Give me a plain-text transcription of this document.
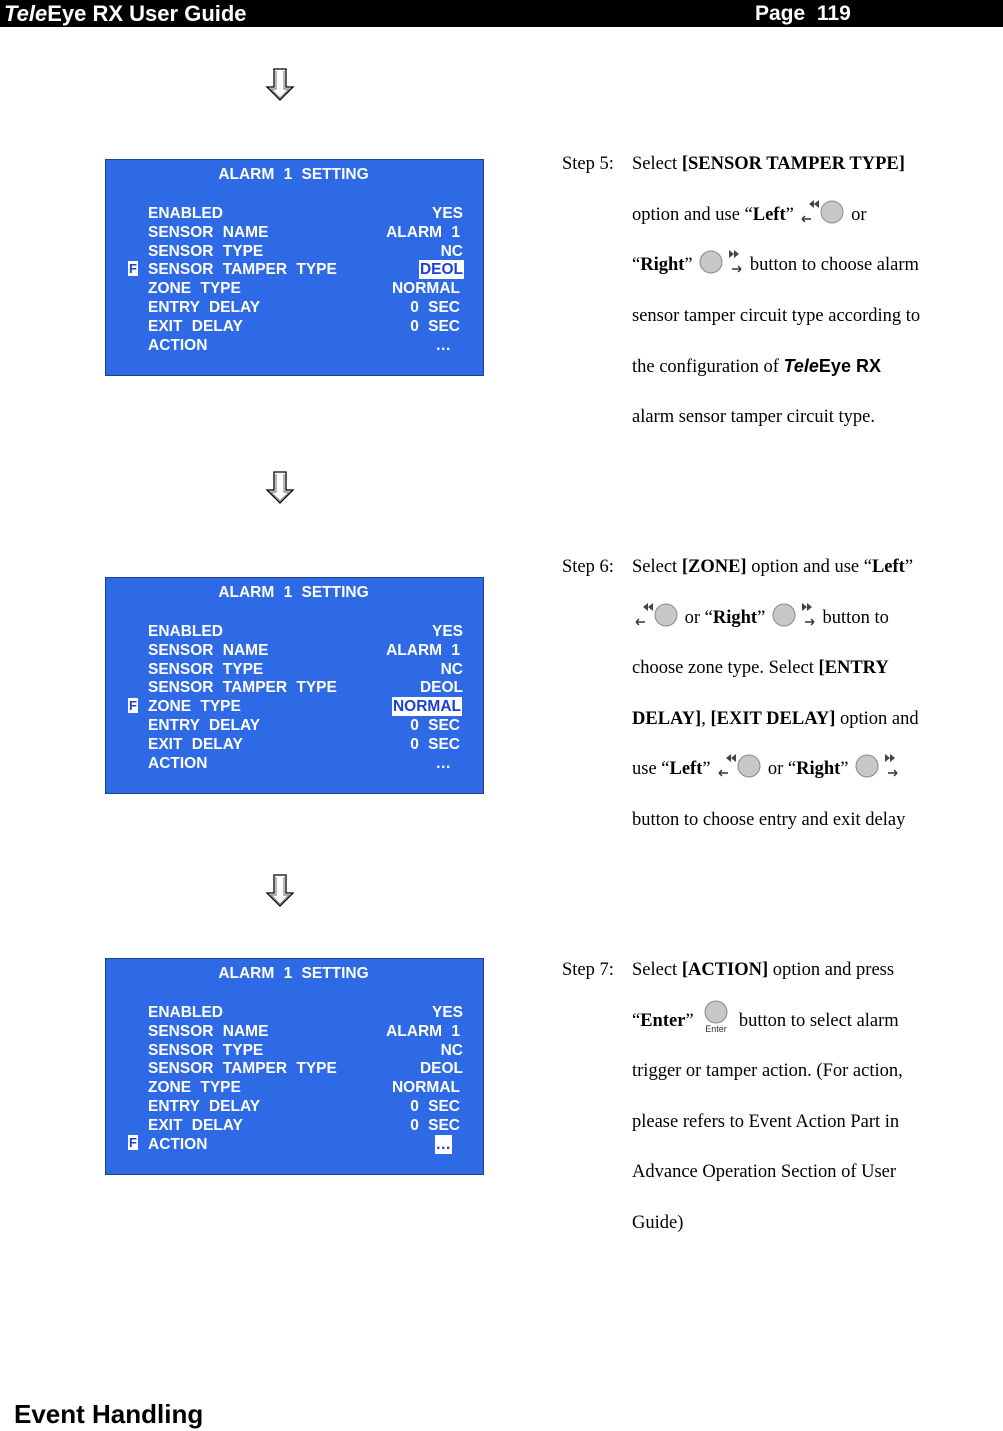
TeleEye RX User Guide	Page 119
ALARM 1 SETTING
ENABLED	YES
SENSOR NAME	ALARM 1
SENSOR TYPE	NC
F SENSOR TAMPER TYPE	DEOL
ZONE TYPE	NORMAL
ENTRY DELAY	0 SEC
EXIT DELAY	0 SEC
ACTION	…
ALARM 1 SETTING
ENABLED	YES
SENSOR NAME	ALARM 1
SENSOR TYPE	NC
SENSOR TAMPER TYPE	DEOL
F ZONE TYPE	NORMAL
ENTRY DELAY	0 SEC
EXIT DELAY	0 SEC
ACTION	…
ALARM 1 SETTING
ENABLED	YES
SENSOR NAME	ALARM 1
SENSOR TYPE	NC
SENSOR TAMPER TYPE	DEOL
ZONE TYPE	NORMAL
ENTRY DELAY	0 SEC
EXIT DELAY	0 SEC
F ACTION	…
Step 5: Select [SENSOR TAMPER TYPE]
option and use “Left”	or
“Right”	button to choose alarm
sensor tamper circuit type according to
the configuration of TeleEye RX
alarm sensor tamper circuit type.
Step 6: Select [ZONE] option and use “Left”
or “Right”	button to
choose zone type. Select [ENTRY
DELAY], [EXIT DELAY] option and
use “Left”	or “Right”
button to choose entry and exit delay
Step 7: Select [ACTION] option and press
“Enter” Enter button to select alarm
trigger or tamper action. (For action,
please refers to Event Action Part in
Advance Operation Section of User
Guide)
Event Handling
